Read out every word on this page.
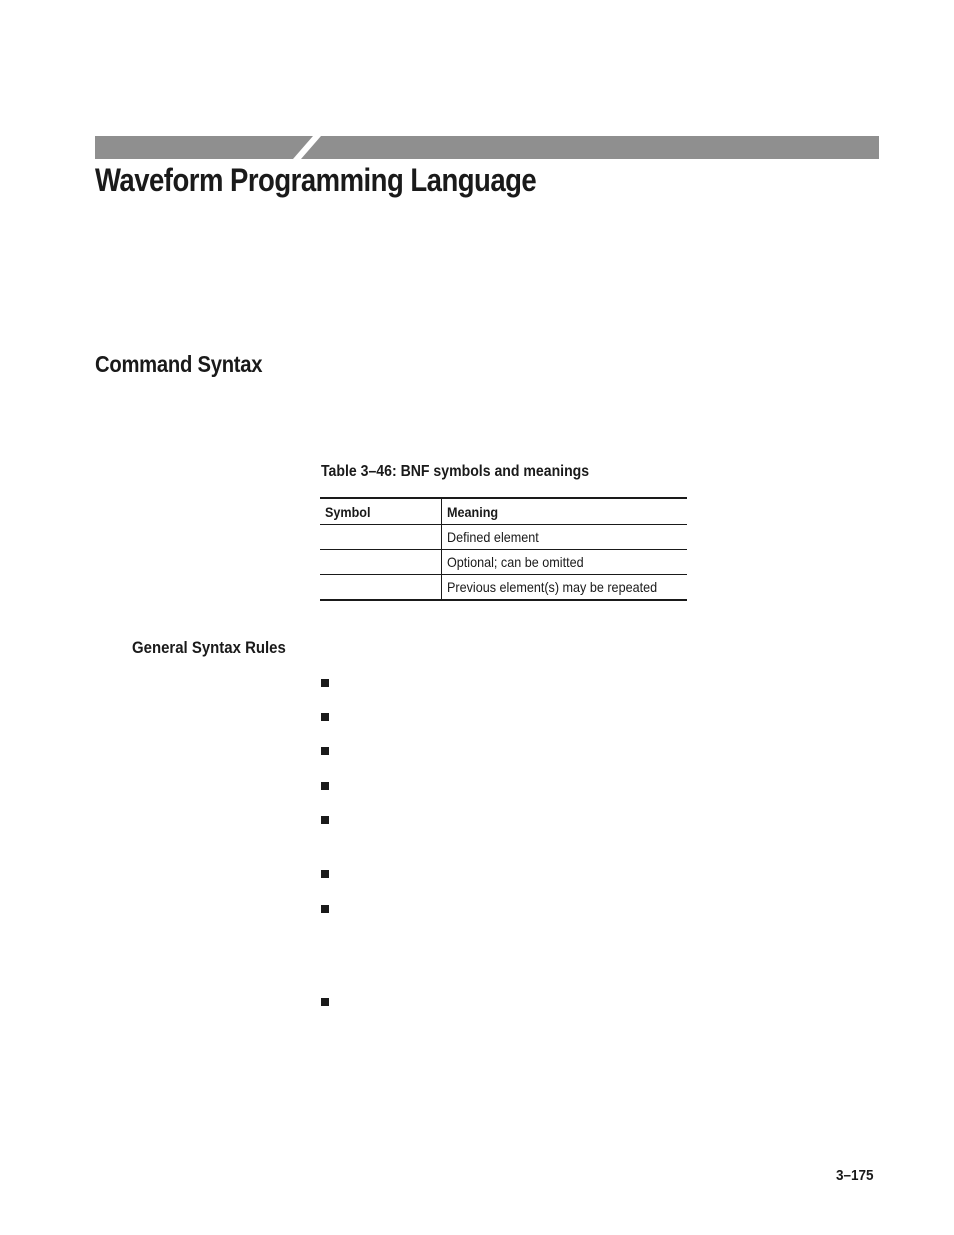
Waveform Programming Language
Command Syntax

Table 3–46: BNF symbols and meanings

Symbol	Meaning
	Defined element
	Optional; can be omitted
	Previous element(s) may be repeated
General Syntax Rules
3–175
